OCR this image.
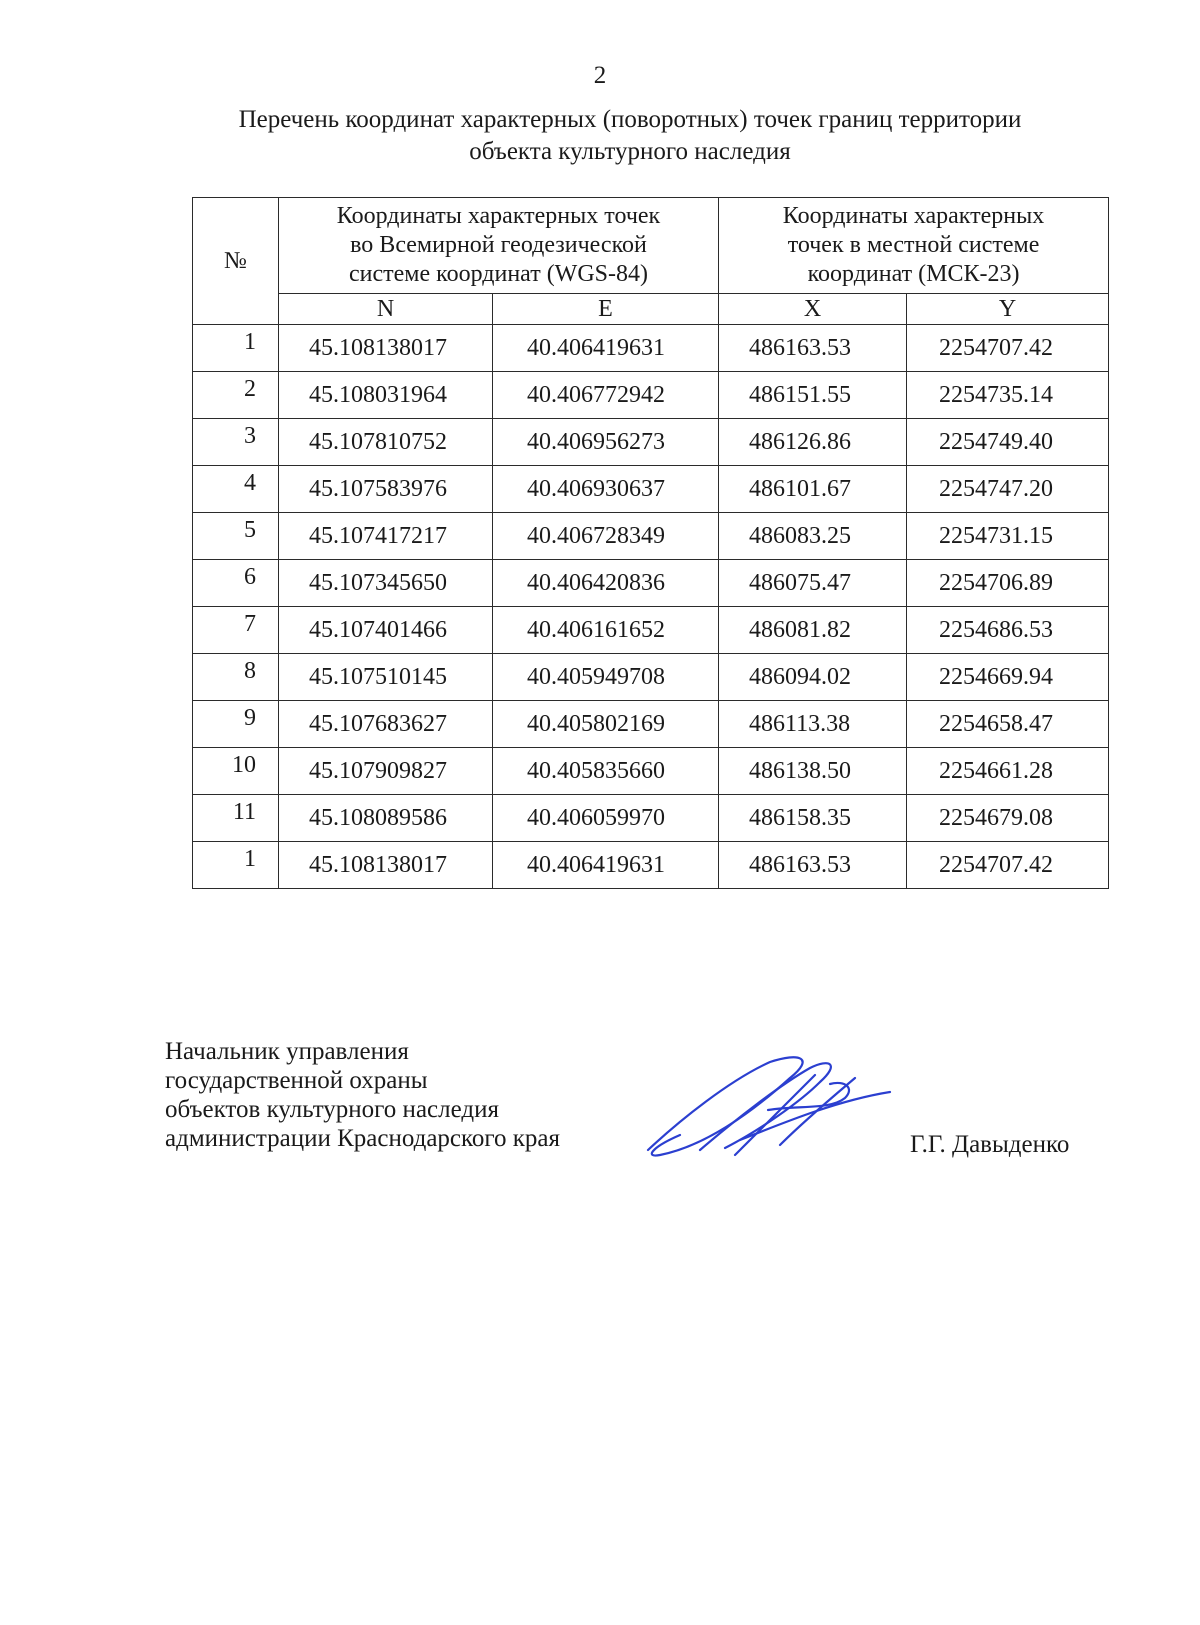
2
Перечень координат характерных (поворотных) точек границ территории
объекта культурного наследия
№	Координаты характерных точек
во Всемирной геодезической
системе координат (WGS-84)		Координаты характерных
точек в местной системе
координат (МСК-23)	

	N	E	X	Y
1	45.108138017	40.406419631	486163.53	2254707.42
2	45.108031964	40.406772942	486151.55	2254735.14
3	45.107810752	40.406956273	486126.86	2254749.40
4	45.107583976	40.406930637	486101.67	2254747.20
5	45.107417217	40.406728349	486083.25	2254731.15
6	45.107345650	40.406420836	486075.47	2254706.89
7	45.107401466	40.406161652	486081.82	2254686.53
8	45.107510145	40.405949708	486094.02	2254669.94
9	45.107683627	40.405802169	486113.38	2254658.47
10	45.107909827	40.405835660	486138.50	2254661.28
11	45.108089586	40.406059970	486158.35	2254679.08
1	45.108138017	40.406419631	486163.53	2254707.42
Начальник управления
государственной охраны
объектов культурного наследия
администрации Краснодарского края	Г.Г. Давыденко
